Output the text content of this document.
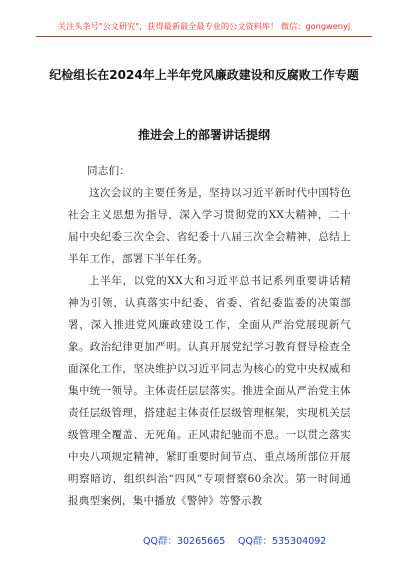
关注头条号"公文研究"，获得最新最全最专业的公文资料库！ 微信：gongwenyj
纪检组长在2024年上半年党风廉政建设和反腐败工作专题
推进会上的部署讲话提纲

同志们：

这次会议的主要任务是，坚持以习近平新时代中国特色社会主义思想为指导，深入学习贯彻党的XX大精神，二十届中央纪委三次全会、省纪委十八届三次全会精神，总结上半年工作，部署下半年任务。

上半年，以党的XX大和习近平总书记系列重要讲话精神为引领，认真落实中纪委、省委、省纪委监委的决策部署，深入推进党风廉政建设工作，全面从严治党展现新气象。政治纪律更加严明。认真开展党纪学习教育督导检查全面深化工作，坚决维护以习近平同志为核心的党中央权威和集中统一领导。主体责任层层落实。推进全面从严治党主体责任层级管理，搭建起主体责任层级管理框架，实现机关层级管理全覆盖、无死角。正风肃纪驰而不息。一以贯之落实中央八项规定精神，紧盯重要时间节点、重点场所部位开展明察暗访，组织纠治“四风”专项督察60余次。第一时间通报典型案例，集中播放《警钟》等警示教

QQ群：30265665 QQ群：535304092
